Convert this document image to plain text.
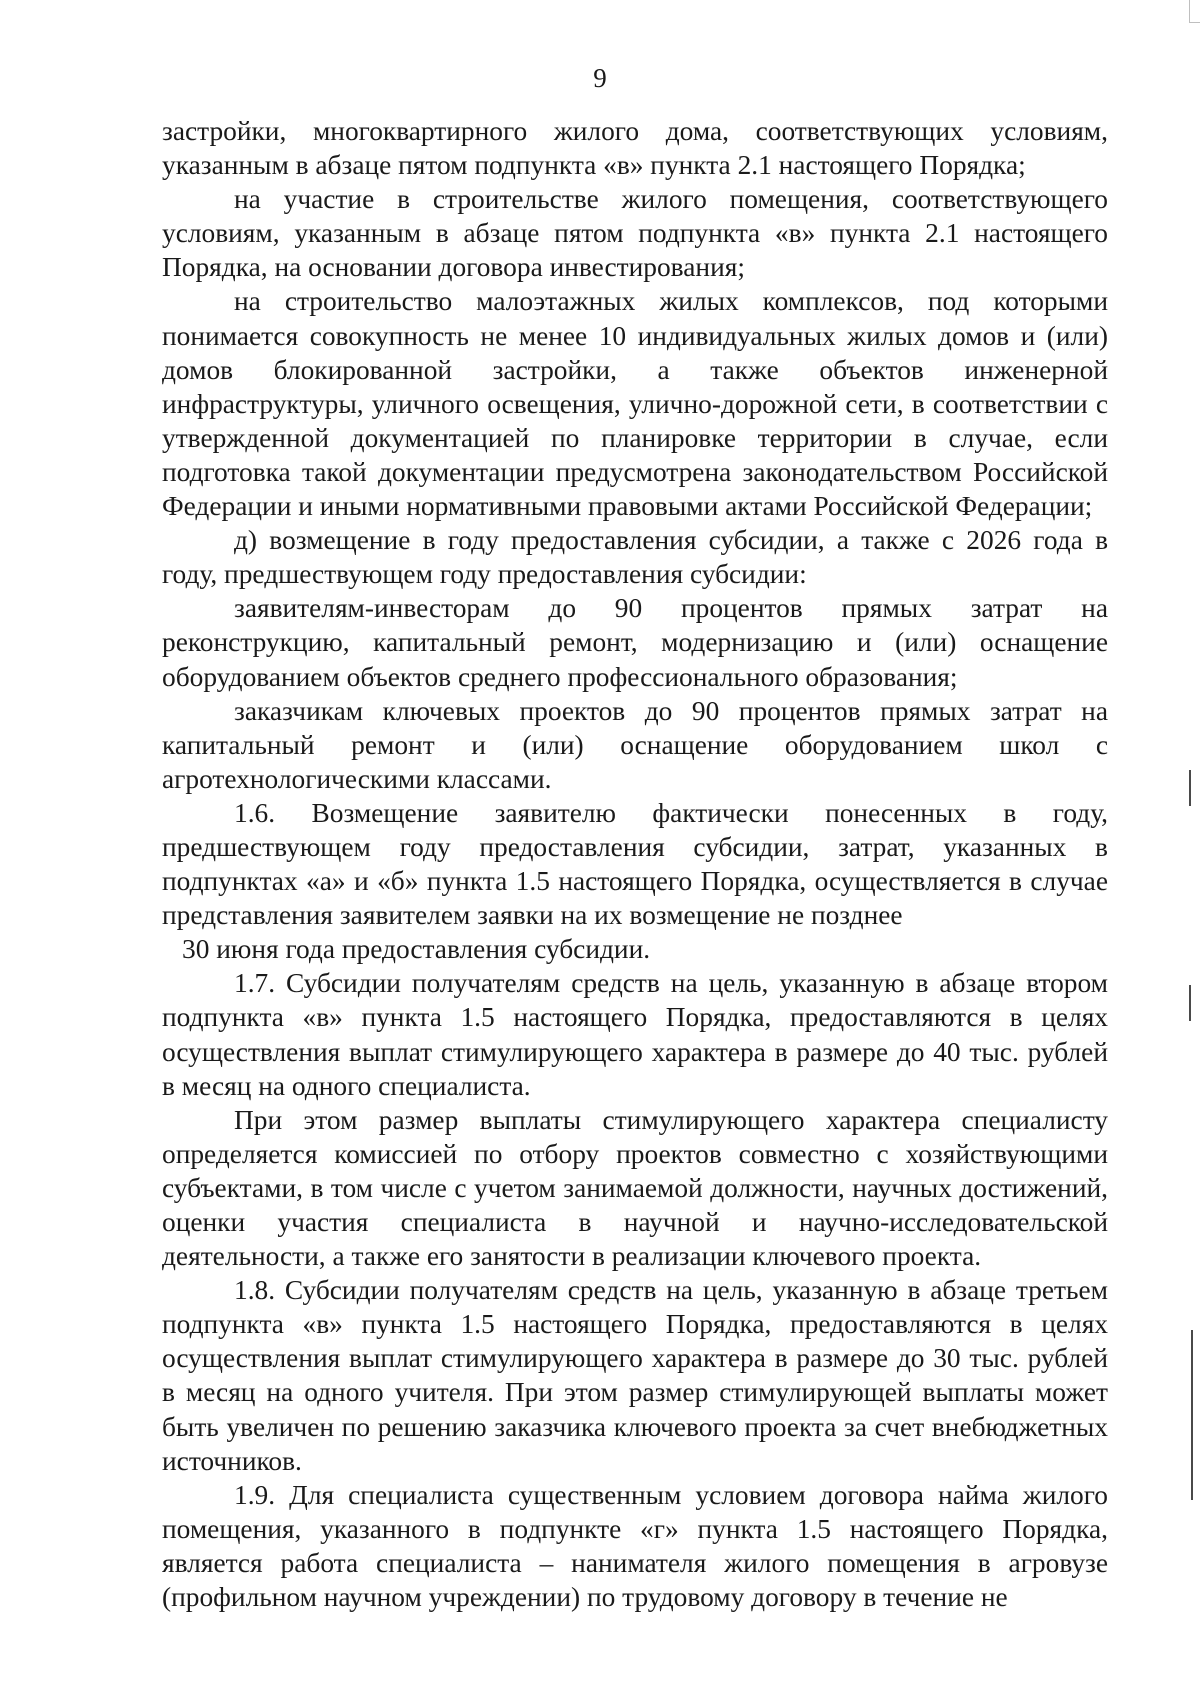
9

застройки, многоквартирного жилого дома, соответствующих условиям, указанным в абзаце пятом подпункта «в» пункта 2.1 настоящего Порядка;

на участие в строительстве жилого помещения, соответствующего условиям, указанным в абзаце пятом подпункта «в» пункта 2.1 настоящего Порядка, на основании договора инвестирования;

на строительство малоэтажных жилых комплексов, под которыми понимается совокупность не менее 10 индивидуальных жилых домов и (или) домов блокированной застройки, а также объектов инженерной инфраструктуры, уличного освещения, улично-дорожной сети, в соответствии с утвержденной документацией по планировке территории в случае, если подготовка такой документации предусмотрена законодательством Российской Федерации и иными нормативными правовыми актами Российской Федерации;

д) возмещение в году предоставления субсидии, а также с 2026 года в году, предшествующем году предоставления субсидии:

заявителям-инвесторам до 90 процентов прямых затрат на реконструкцию, капитальный ремонт, модернизацию и (или) оснащение оборудованием объектов среднего профессионального образования;

заказчикам ключевых проектов до 90 процентов прямых затрат на капитальный ремонт и (или) оснащение оборудованием школ с агротехнологическими классами.

1.6. Возмещение заявителю фактически понесенных в году, предшествующем году предоставления субсидии, затрат, указанных в подпунктах «а» и «б» пункта 1.5 настоящего Порядка, осуществляется в случае представления заявителем заявки на их возмещение не позднее

30 июня года предоставления субсидии.

1.7. Субсидии получателям средств на цель, указанную в абзаце втором подпункта «в» пункта 1.5 настоящего Порядка, предоставляются в целях осуществления выплат стимулирующего характера в размере до 40 тыс. рублей в месяц на одного специалиста.

При этом размер выплаты стимулирующего характера специалисту определяется комиссией по отбору проектов совместно с хозяйствующими субъектами, в том числе с учетом занимаемой должности, научных достижений, оценки участия специалиста в научной и научно-исследовательской деятельности, а также его занятости в реализации ключевого проекта.

1.8. Субсидии получателям средств на цель, указанную в абзаце третьем подпункта «в» пункта 1.5 настоящего Порядка, предоставляются в целях осуществления выплат стимулирующего характера в размере до 30 тыс. рублей в месяц на одного учителя. При этом размер стимулирующей выплаты может быть увеличен по решению заказчика ключевого проекта за счет внебюджетных источников.

1.9. Для специалиста существенным условием договора найма жилого помещения, указанного в подпункте «г» пункта 1.5 настоящего Порядка, является работа специалиста – нанимателя жилого помещения в агровузе (профильном научном учреждении) по трудовому договору в течение не
